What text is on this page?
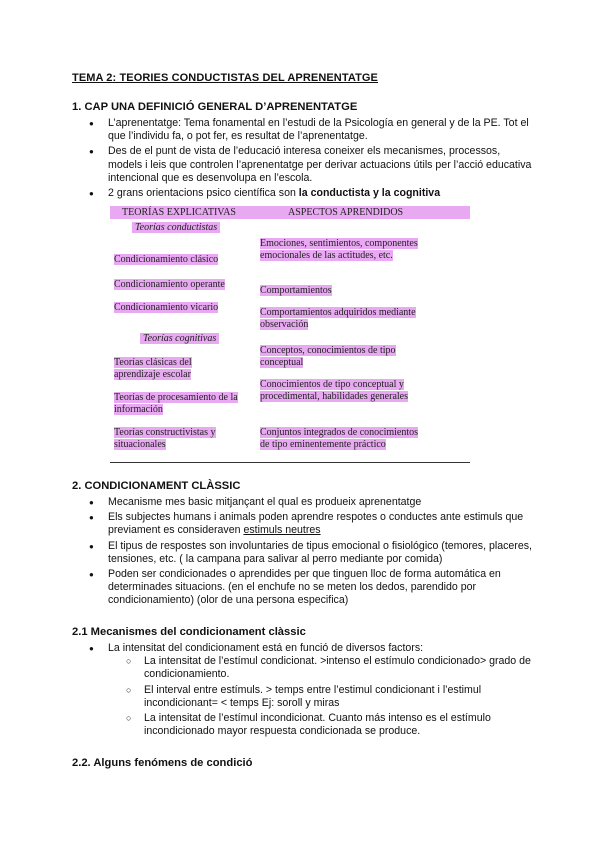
TEMA 2: TEORIES CONDUCTISTAS DEL APRENENTATGE
1. CAP UNA DEFINICIÓ GENERAL D’APRENENTATGE
● L’aprenentatge: Tema fonamental en l’estudi de la Psicología en general y de la PE. Tot el que l’individu fa, o pot fer, es resultat de l’aprenentatge.
● Des de el punt de vista de l’educació interesa coneixer els mecanismes, processos, models i leis que controlen l’aprenentatge per derivar actuacions útils per l’acció educativa intencional que es desenvolupa en l’escola.
● 2 grans orientacions psico científica son la conductista y la cognitiva
TEORÍAS EXPLICATIVAS	ASPECTOS APRENDIDOS
Teorías conductistas
Condicionamiento clásico
Emociones, sentimientos, componentes emocionales de las actitudes, etc.
Condicionamiento operante
Comportamientos
Condicionamiento vicario	Comportamientos adquiridos mediante observación
Teorías cognitivas
Teorías clásicas del aprendizaje escolar
Conceptos, conocimientos de tipo conceptual
Teorías de procesamiento de la información
Conocimientos de tipo conceptual y procedimental, habilidades generales
Teorías constructivistas y situacionales
Conjuntos integrados de conocimientos de tipo eminentemente práctico
2. CONDICIONAMENT CLÀSSIC
● Mecanisme mes basic mitjançant el qual es produeix aprenentatge
● Els subjectes humans i animals poden aprendre respotes o conductes ante estimuls que previament es consideraven estimuls neutres
● El tipus de respostes son involuntaries de tipus emocional o fisiológico (temores, placeres, tensiones, etc. ( la campana para salivar al perro mediante por comida)
● Poden ser condicionades o aprendides per que tinguen lloc de forma automática en determinades situacions. (en el enchufe no se meten los dedos, parendido por condicionamiento) (olor de una persona especifica)
2.1 Mecanismes del condicionament clàssic
● La intensitat del condicionament está en funció de diversos factors:
○ La intensitat de l’estímul condicionat. >intenso el estímulo condicionado> grado de condicionamiento.
○ El interval entre estímuls. > temps entre l’estimul condicionant i l’estimul incondicionant= < temps Ej: soroll y miras
○ La intensitat de l’estímul incondicionat. Cuanto más intenso es el estímulo incondicionado mayor respuesta condicionada se produce.
2.2. Alguns fenómens de condició
